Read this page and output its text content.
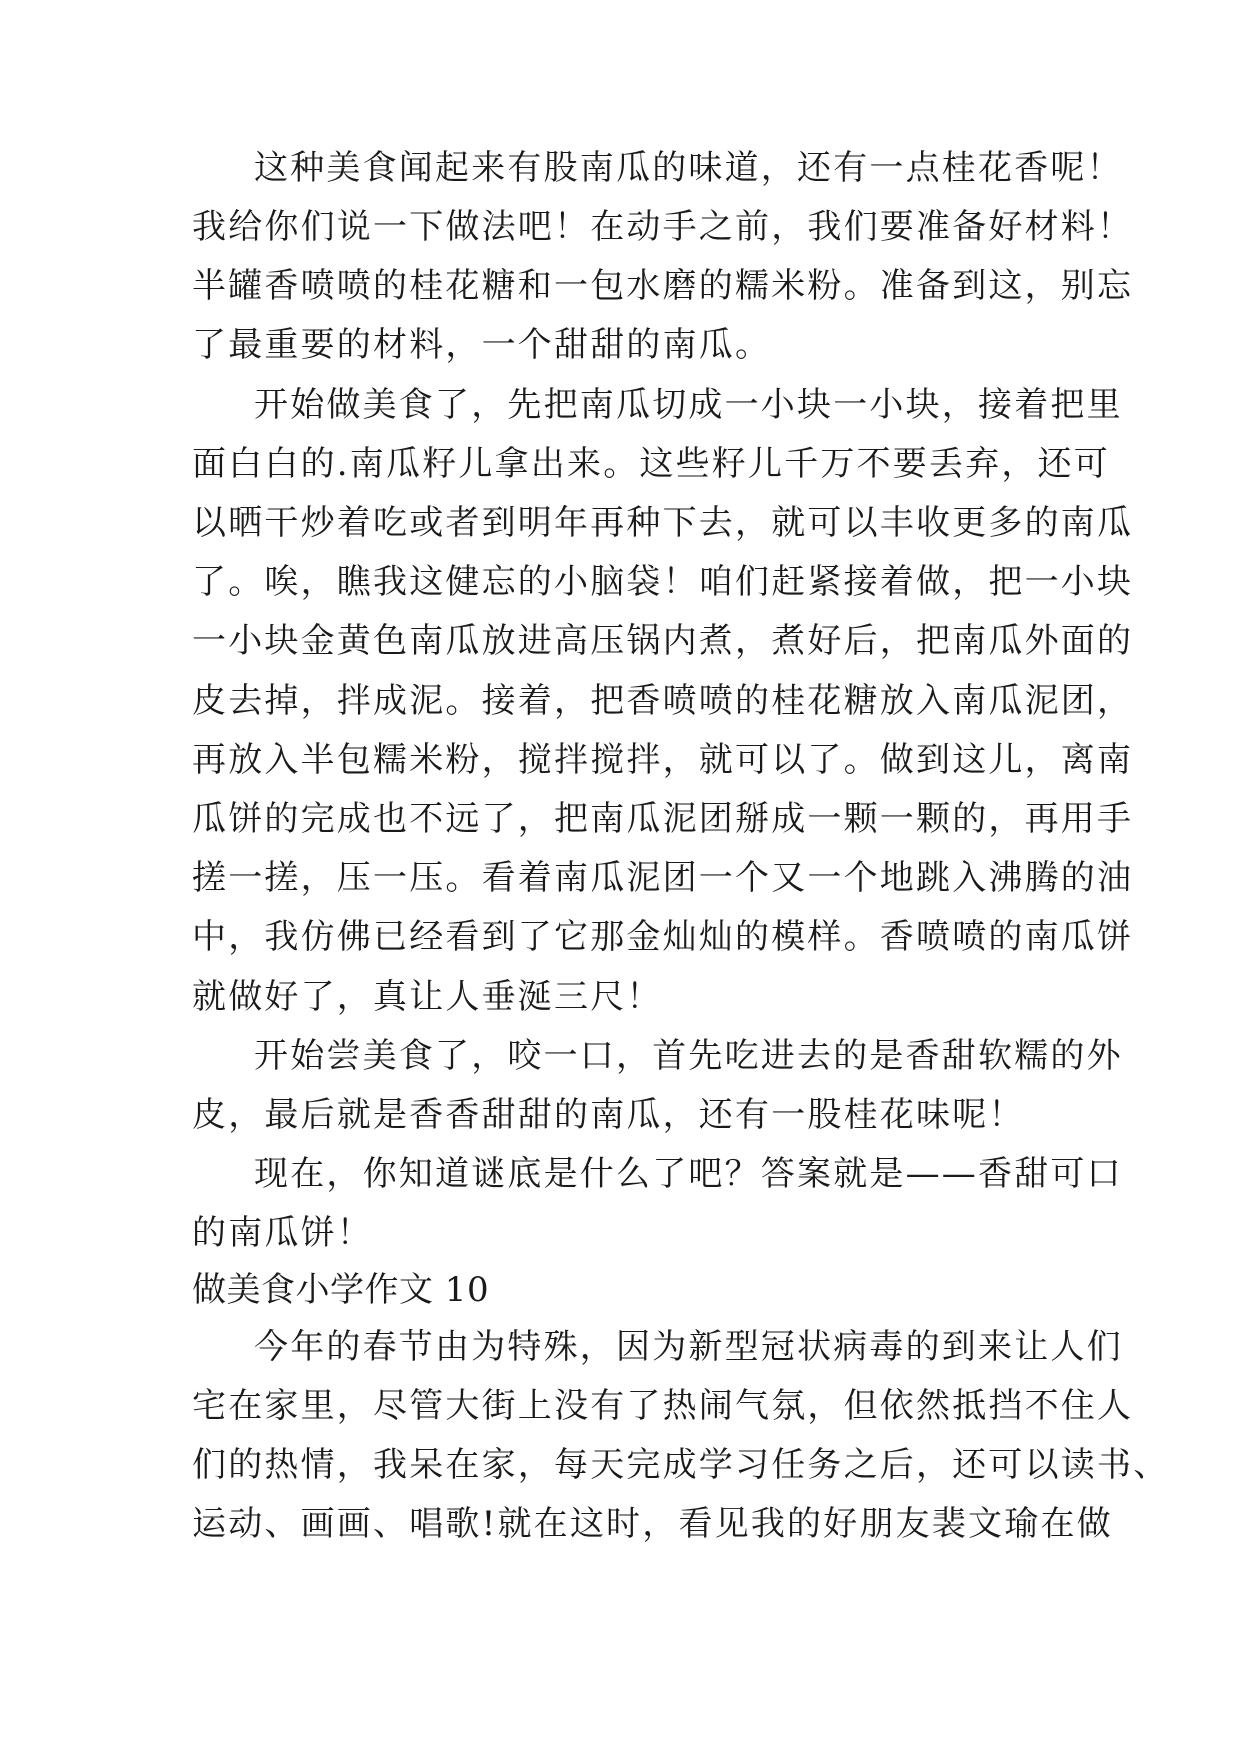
这种美食闻起来有股南瓜的味道，还有一点桂花香呢！
我给你们说一下做法吧！在动手之前，我们要准备好材料！
半罐香喷喷的桂花糖和一包水磨的糯米粉。准备到这，别忘
了最重要的材料，一个甜甜的南瓜。
开始做美食了，先把南瓜切成一小块一小块，接着把里
面白白的.南瓜籽儿拿出来。这些籽儿千万不要丢弃，还可
以晒干炒着吃或者到明年再种下去，就可以丰收更多的南瓜
了。唉，瞧我这健忘的小脑袋！咱们赶紧接着做，把一小块
一小块金黄色南瓜放进高压锅内煮，煮好后，把南瓜外面的
皮去掉，拌成泥。接着，把香喷喷的桂花糖放入南瓜泥团，
再放入半包糯米粉，搅拌搅拌，就可以了。做到这儿，离南
瓜饼的完成也不远了，把南瓜泥团掰成一颗一颗的，再用手
搓一搓，压一压。看着南瓜泥团一个又一个地跳入沸腾的油
中，我仿佛已经看到了它那金灿灿的模样。香喷喷的南瓜饼
就做好了，真让人垂涎三尺！
开始尝美食了，咬一口，首先吃进去的是香甜软糯的外
皮，最后就是香香甜甜的南瓜，还有一股桂花味呢！
现在，你知道谜底是什么了吧？答案就是——香甜可口
的南瓜饼！
做美食小学作文 10
今年的春节由为特殊，因为新型冠状病毒的到来让人们
宅在家里，尽管大街上没有了热闹气氛，但依然抵挡不住人
们的热情，我呆在家，每天完成学习任务之后，还可以读书、
运动、画画、唱歌!就在这时，看见我的好朋友裴文瑜在做
